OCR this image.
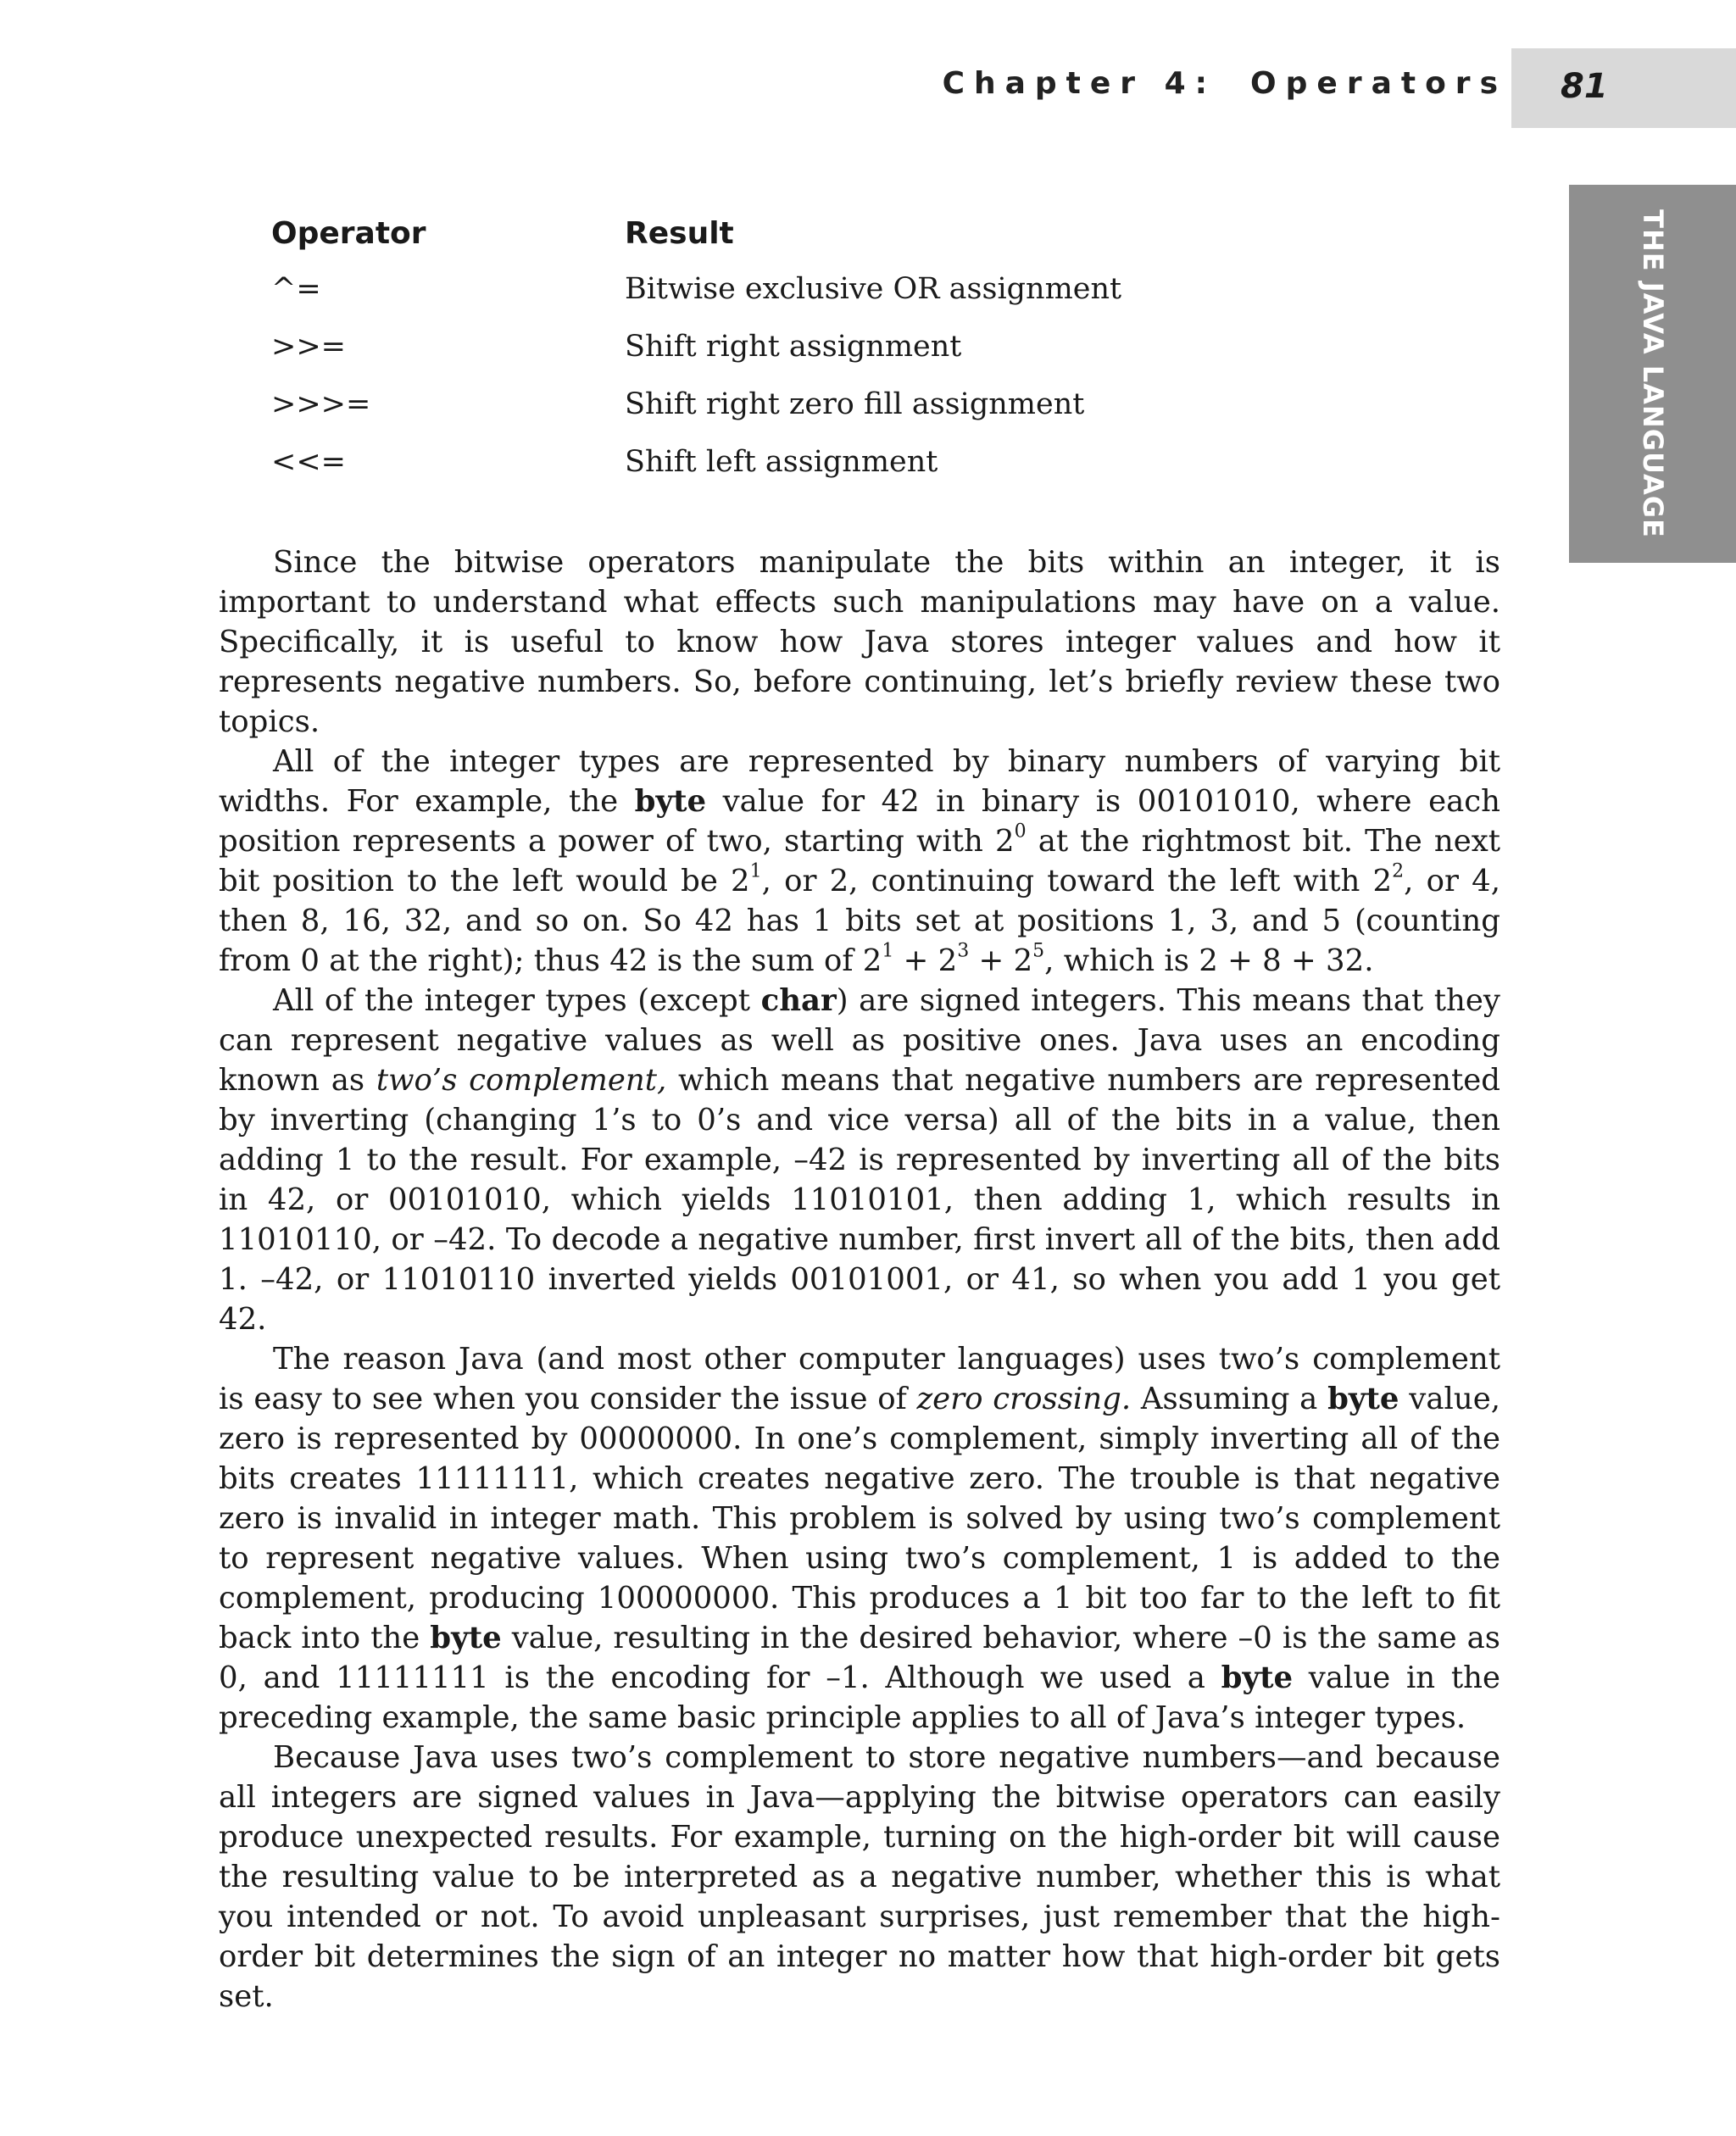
Chapter 4: Operators 81
THE JAVA LANGUAGE
Operator	Result
^=	Bitwise exclusive OR assignment
>>=	Shift right assignment
>>>=	Shift right zero fill assignment
<<=	Shift left assignment

Since the bitwise operators manipulate the bits within an integer, it is important to understand what effects such manipulations may have on a value. Specifically, it is useful to know how Java stores integer values and how it represents negative numbers. So, before continuing, let’s briefly review these two topics.

All of the integer types are represented by binary numbers of varying bit widths. For example, the byte value for 42 in binary is 00101010, where each position represents a power of two, starting with $2^0$ at the rightmost bit. The next bit position to the left would be $2^1$, or 2, continuing toward the left with $2^2$, or 4, then 8, 16, 32, and so on. So 42 has 1 bits set at positions 1, 3, and 5 (counting from 0 at the right); thus 42 is the sum of $2^1 + 2^3 + 2^5$, which is 2 + 8 + 32.

All of the integer types (except char) are signed integers. This means that they can represent negative values as well as positive ones. Java uses an encoding known as two’s complement, which means that negative numbers are represented by inverting (changing 1’s to 0’s and vice versa) all of the bits in a value, then adding 1 to the result. For example, –42 is represented by inverting all of the bits in 42, or 00101010, which yields 11010101, then adding 1, which results in 11010110, or –42. To decode a negative number, first invert all of the bits, then add 1. –42, or 11010110 inverted yields 00101001, or 41, so when you add 1 you get 42.

The reason Java (and most other computer languages) uses two’s complement is easy to see when you consider the issue of zero crossing. Assuming a byte value, zero is represented by 00000000. In one’s complement, simply inverting all of the bits creates 11111111, which creates negative zero. The trouble is that negative zero is invalid in integer math. This problem is solved by using two’s complement to represent negative values. When using two’s complement, 1 is added to the complement, producing 100000000. This produces a 1 bit too far to the left to fit back into the byte value, resulting in the desired behavior, where –0 is the same as 0, and 11111111 is the encoding for –1. Although we used a byte value in the preceding example, the same basic principle applies to all of Java’s integer types.

Because Java uses two’s complement to store negative numbers—and because all integers are signed values in Java—applying the bitwise operators can easily produce unexpected results. For example, turning on the high-order bit will cause the resulting value to be interpreted as a negative number, whether this is what you intended or not. To avoid unpleasant surprises, just remember that the high-order bit determines the sign of an integer no matter how that high-order bit gets set.
